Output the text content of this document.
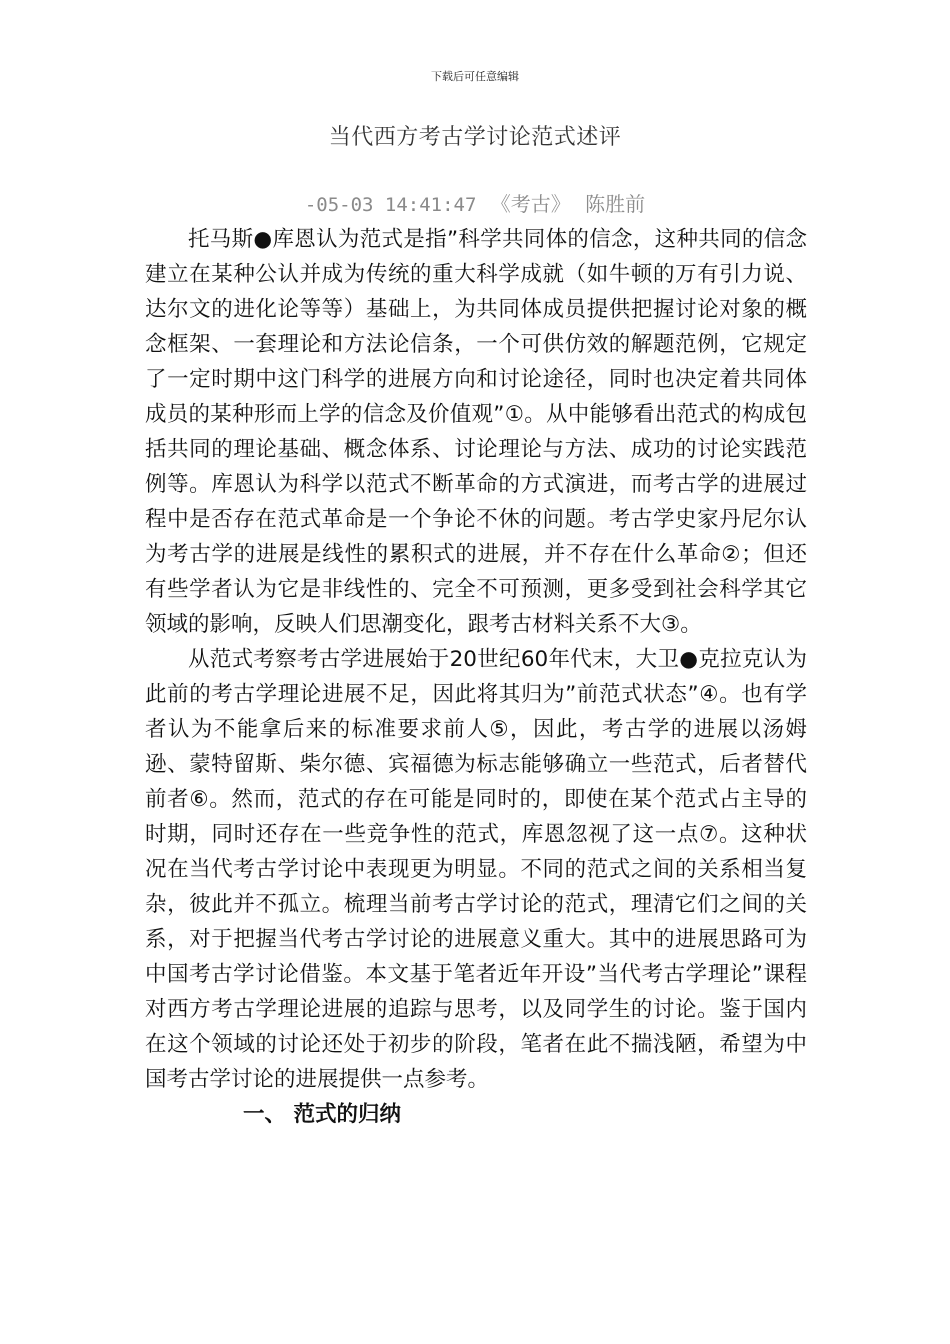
下载后可任意编辑
当代西方考古学讨论范式述评
-05-03 14:41:47 《考古》 陈胜前

托马斯●库恩认为范式是指”科学共同体的信念，这种共同的信念建立在某种公认并成为传统的重大科学成就（如牛顿的万有引力说、达尔文的进化论等等）基础上，为共同体成员提供把握讨论对象的概念框架、一套理论和方法论信条，一个可供仿效的解题范例，它规定了一定时期中这门科学的进展方向和讨论途径，同时也决定着共同体成员的某种形而上学的信念及价值观”①。从中能够看出范式的构成包括共同的理论基础、概念体系、讨论理论与方法、成功的讨论实践范例等。库恩认为科学以范式不断革命的方式演进，而考古学的进展过程中是否存在范式革命是一个争论不休的问题。考古学史家丹尼尔认为考古学的进展是线性的累积式的进展，并不存在什么革命②；但还有些学者认为它是非线性的、完全不可预测，更多受到社会科学其它领域的影响，反映人们思潮变化，跟考古材料关系不大③。

从范式考察考古学进展始于20世纪60年代末，大卫●克拉克认为此前的考古学理论进展不足，因此将其归为”前范式状态”④。也有学者认为不能拿后来的标准要求前人⑤，因此，考古学的进展以汤姆逊、蒙特留斯、柴尔德、宾福德为标志能够确立一些范式，后者替代前者⑥。然而，范式的存在可能是同时的，即使在某个范式占主导的时期，同时还存在一些竞争性的范式，库恩忽视了这一点⑦。这种状况在当代考古学讨论中表现更为明显。不同的范式之间的关系相当复杂，彼此并不孤立。梳理当前考古学讨论的范式，理清它们之间的关系，对于把握当代考古学讨论的进展意义重大。其中的进展思路可为中国考古学讨论借鉴。本文基于笔者近年开设”当代考古学理论”课程对西方考古学理论进展的追踪与思考，以及同学生的讨论。鉴于国内在这个领域的讨论还处于初步的阶段，笔者在此不揣浅陋，希望为中国考古学讨论的进展提供一点参考。

一、 范式的归纳
